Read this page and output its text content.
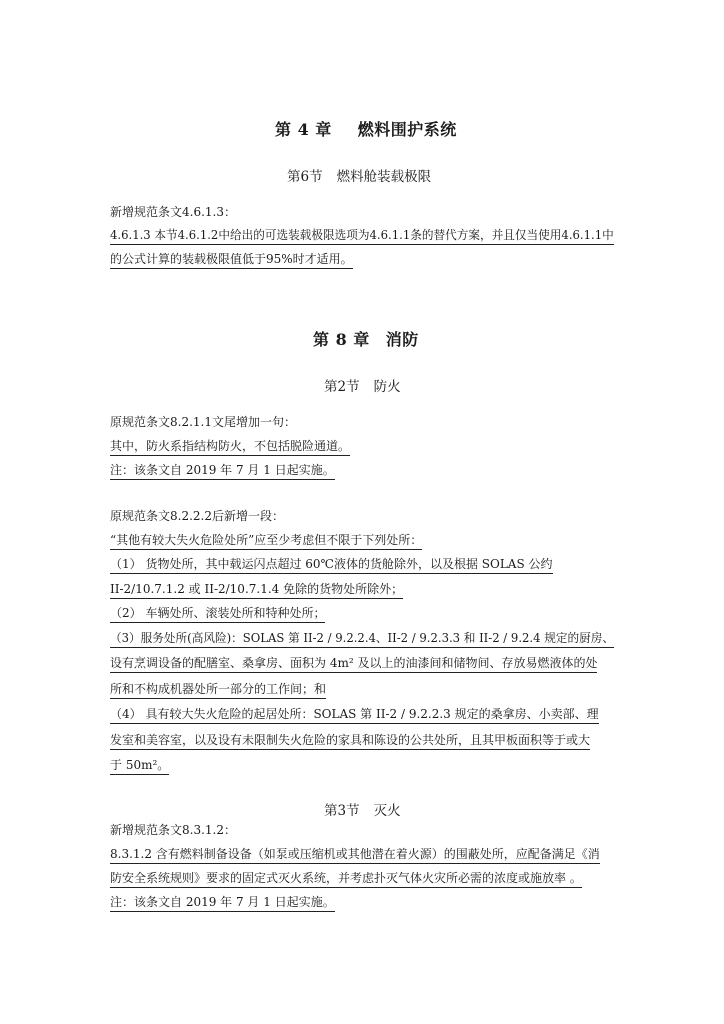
第 4 章 燃料围护系统
第6节 燃料舱装载极限
新增规范条文4.6.1.3：
4.6.1.3 本节4.6.1.2中给出的可选装载极限选项为4.6.1.1条的替代方案，并且仅当使用4.6.1.1中
的公式计算的装载极限值低于95%时才适用。
第 8 章 消防
第2节 防火
原规范条文8.2.1.1文尾增加一句：
其中，防火系指结构防火，不包括脱险通道。
注：该条文自 2019 年 7 月 1 日起实施。
原规范条文8.2.2.2后新增一段：
“其他有较大失火危险处所”应至少考虑但不限于下列处所：
（1） 货物处所，其中载运闪点超过 60℃液体的货舱除外，以及根据 SOLAS 公约
II-2/10.7.1.2 或 II-2/10.7.1.4 免除的货物处所除外；
（2） 车辆处所、滚装处所和特种处所；
（3）服务处所(高风险)：SOLAS 第 II-2 / 9.2.2.4、II-2 / 9.2.3.3 和 II-2 / 9.2.4 规定的厨房、
设有烹调设备的配膳室、桑拿房、面积为 4m² 及以上的油漆间和储物间、存放易燃液体的处
所和不构成机器处所一部分的工作间；和
（4） 具有较大失火危险的起居处所：SOLAS 第 II-2 / 9.2.2.3 规定的桑拿房、小卖部、理
发室和美容室，以及设有未限制失火危险的家具和陈设的公共处所，且其甲板面积等于或大
于 50m²。
第3节 灭火
新增规范条文8.3.1.2：
8.3.1.2 含有燃料制备设备（如泵或压缩机或其他潜在着火源）的围蔽处所，应配备满足《消
防安全系统规则》要求的固定式灭火系统，并考虑扑灭气体火灾所必需的浓度或施放率 。
注：该条文自 2019 年 7 月 1 日起实施。
